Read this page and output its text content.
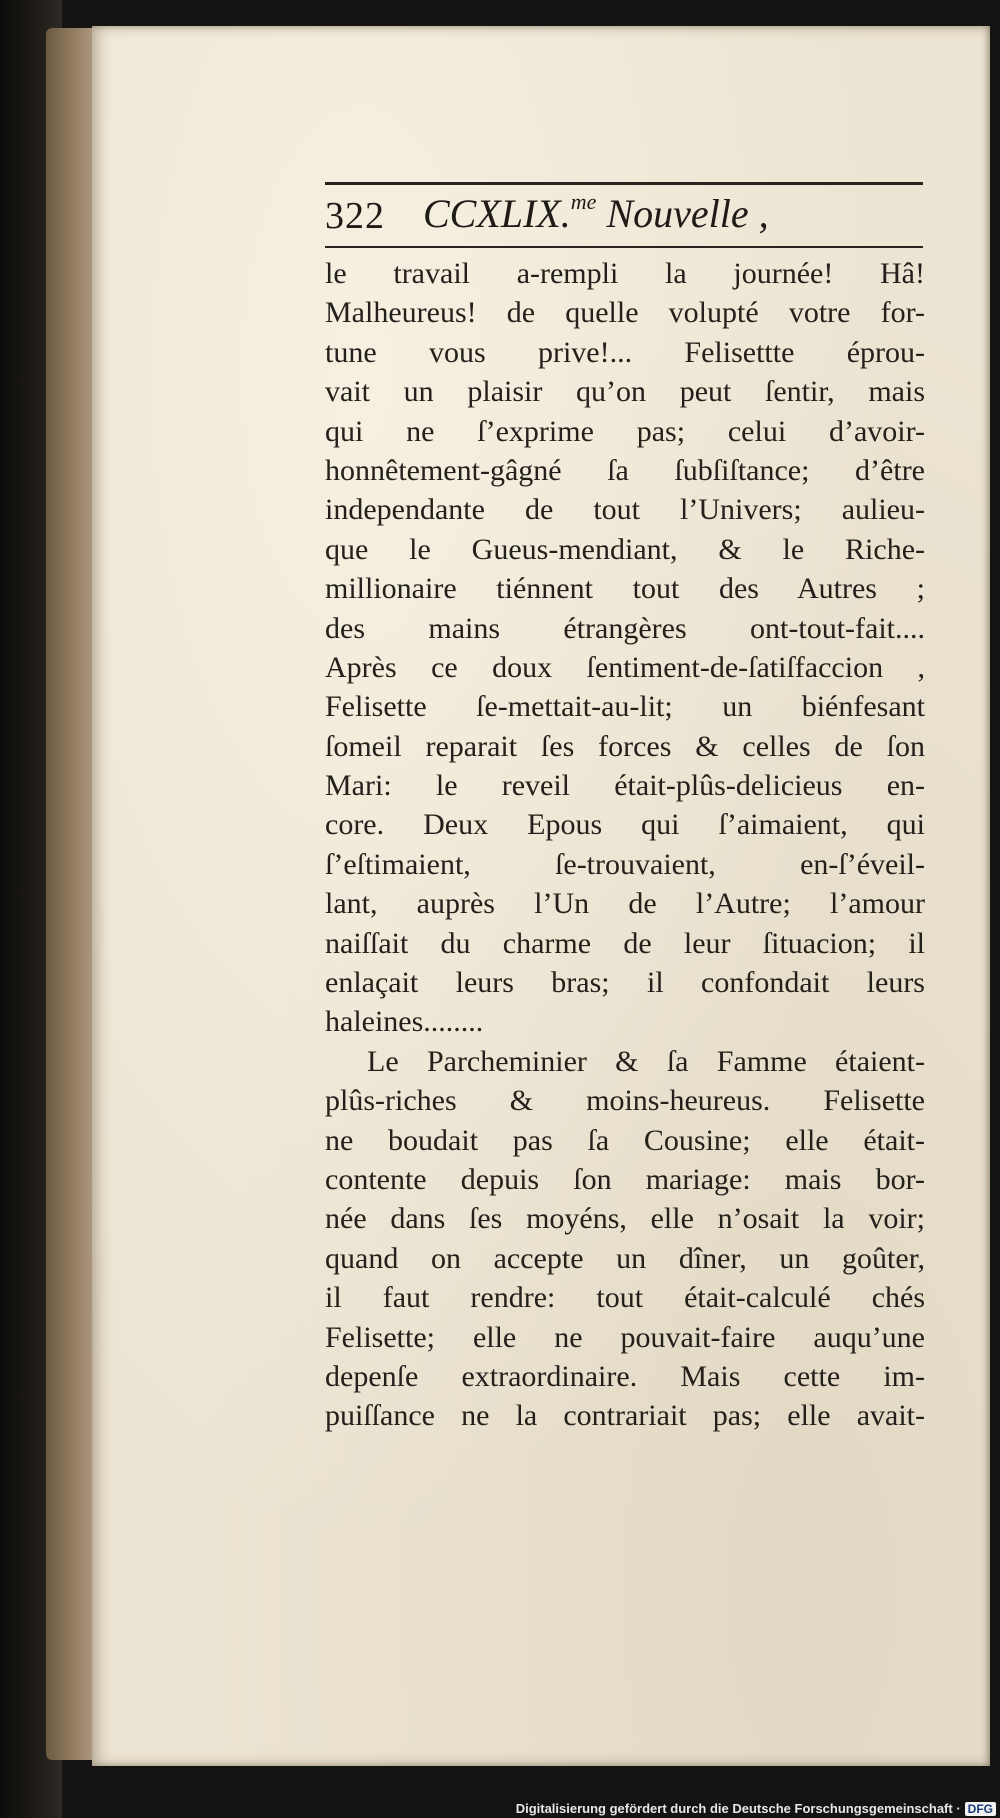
322 CCXLIX.$^{me}$ Nouvelle ,
le travail a-rempli la journée! Hâ!
Malheureus! de quelle volupté votre for-
tune vous prive!... Felisettte éprou-
vait un plaisir qu’on peut ſentir, mais
qui ne ſ’exprime pas; celui d’avoir-
honnêtement-gâgné ſa ſubſiſtance; d’être
independante de tout l’Univers; aulieu-
que le Gueus-mendiant, & le Riche-
millionaire tiénnent tout des Autres ;
des mains étrangères ont-tout-fait....
Après ce doux ſentiment-de-ſatiſfaccion ,
Felisette ſe-mettait-au-lit; un biénfesant
ſomeil reparait ſes forces & celles de ſon
Mari: le reveil était-plûs-delicieus en-
core. Deux Epous qui ſ’aimaient, qui
ſ’eſtimaient, ſe-trouvaient, en-ſ’éveil-
lant, auprès l’Un de l’Autre; l’amour
naiſſait du charme de leur ſituacion; il
enlaçait leurs bras; il confondait leurs
haleines........
Le Parcheminier & ſa Famme étaient-
plûs-riches & moins-heureus. Felisette
ne boudait pas ſa Cousine; elle était-
contente depuis ſon mariage: mais bor-
née dans ſes moyéns, elle n’osait la voir;
quand on accepte un dîner, un goûter,
il faut rendre: tout était-calculé chés
Felisette; elle ne pouvait-faire auqu’une
depenſe extraordinaire. Mais cette im-
puiſſance ne la contrariait pas; elle avait-
Digitalisierung gefördert durch die Deutsche Forschungsgemeinschaft · DFG
